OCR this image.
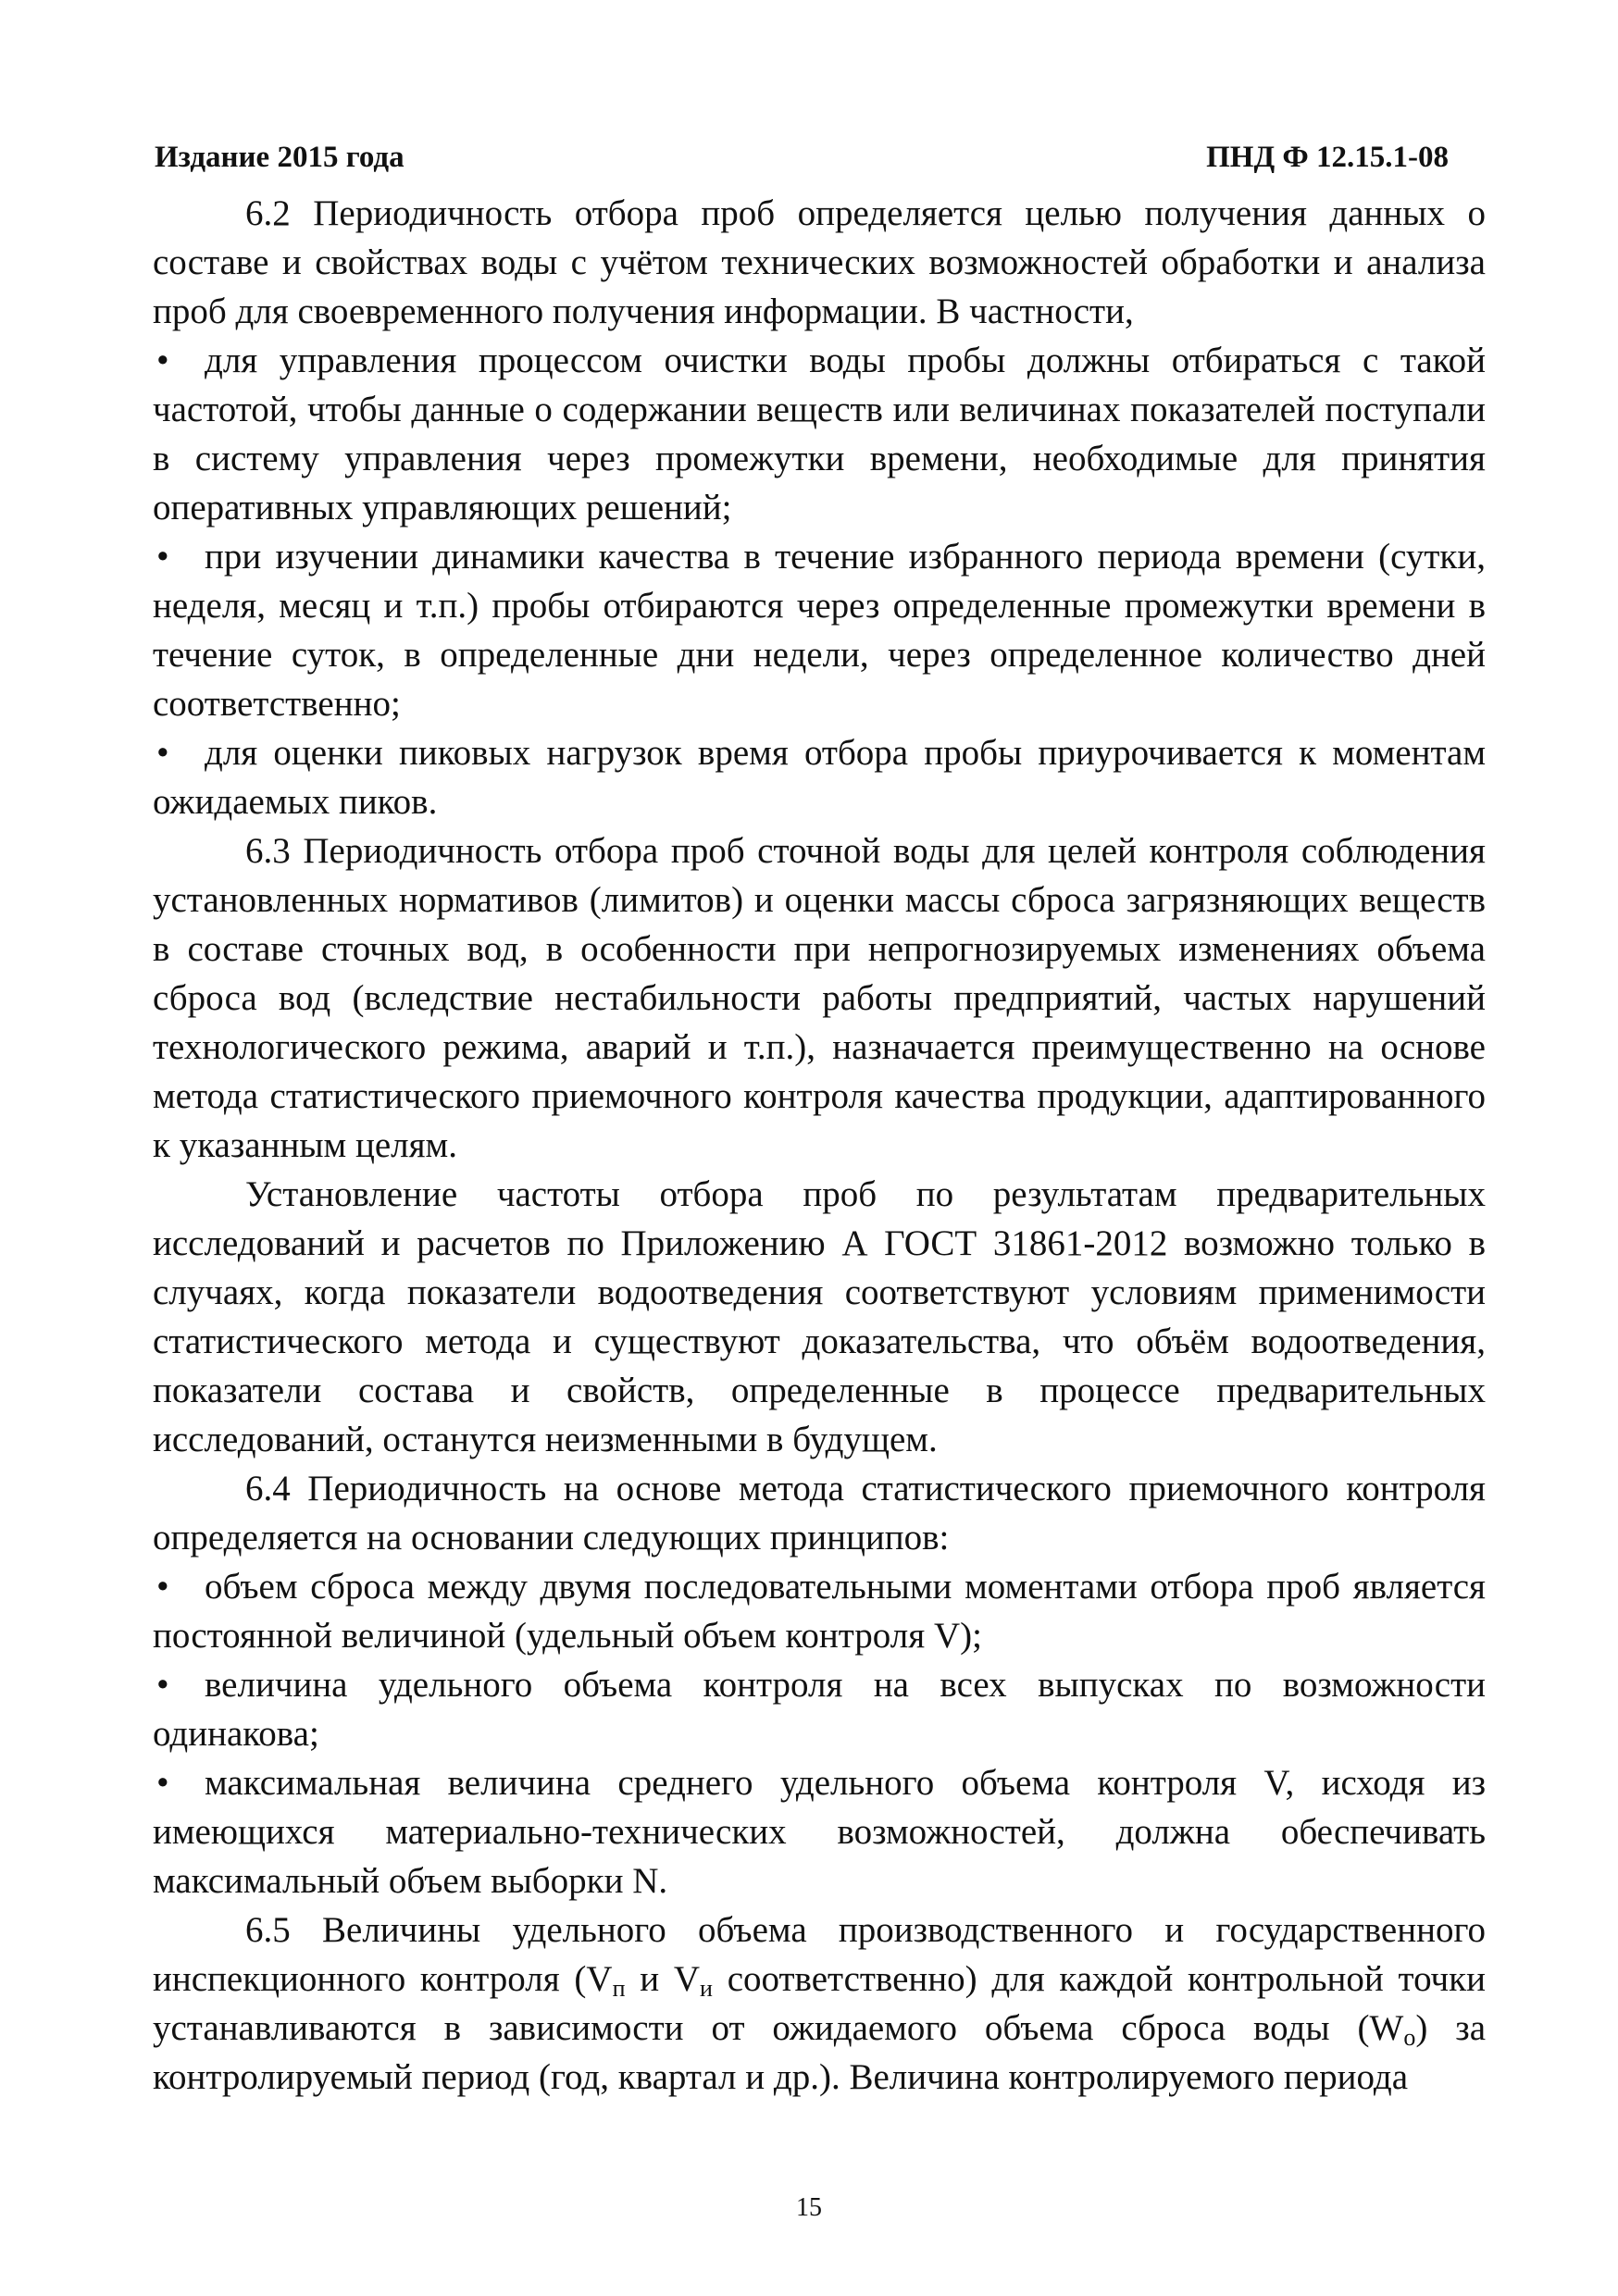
Издание 2015 года	ПНД Ф 12.15.1-08

6.2 Периодичность отбора проб определяется целью получения данных о составе и свойствах воды с учётом технических возможностей обработки и анализа проб для своевременного получения информации. В частности,

• для управления процессом очистки воды пробы должны отбираться с такой частотой, чтобы данные о содержании веществ или величинах показателей поступали в систему управления через промежутки времени, необходимые для принятия оперативных управляющих решений;

• при изучении динамики качества в течение избранного периода времени (сутки, неделя, месяц и т.п.) пробы отбираются через определенные промежутки времени в течение суток, в определенные дни недели, через определенное количество дней соответственно;

• для оценки пиковых нагрузок время отбора пробы приурочивается к моментам ожидаемых пиков.

6.3 Периодичность отбора проб сточной воды для целей контроля соблюдения установленных нормативов (лимитов) и оценки массы сброса загрязняющих веществ в составе сточных вод, в особенности при непрогнозируемых изменениях объема сброса вод (вследствие нестабильности работы предприятий, частых нарушений технологического режима, аварий и т.п.), назначается преимущественно на основе метода статистического приемочного контроля качества продукции, адаптированного к указанным целям.

Установление частоты отбора проб по результатам предварительных исследований и расчетов по Приложению А ГОСТ 31861-2012 возможно только в случаях, когда показатели водоотведения соответствуют условиям применимости статистического метода и существуют доказательства, что объём водоотведения, показатели состава и свойств, определенные в процессе предварительных исследований, останутся неизменными в будущем.

6.4 Периодичность на основе метода статистического приемочного контроля определяется на основании следующих принципов:

• объем сброса между двумя последовательными моментами отбора проб является постоянной величиной (удельный объем контроля V);

• величина удельного объема контроля на всех выпусках по возможности одинакова;

• максимальная величина среднего удельного объема контроля V, исходя из имеющихся материально-технических возможностей, должна обеспечивать максимальный объем выборки N.

6.5 Величины удельного объема производственного и государственного инспекционного контроля ($V_п$ и $V_и$ соответственно) для каждой контрольной точки устанавливаются в зависимости от ожидаемого объема сброса воды $(W_о)$ за контролируемый период (год, квартал и др.). Величина контролируемого периода

15
